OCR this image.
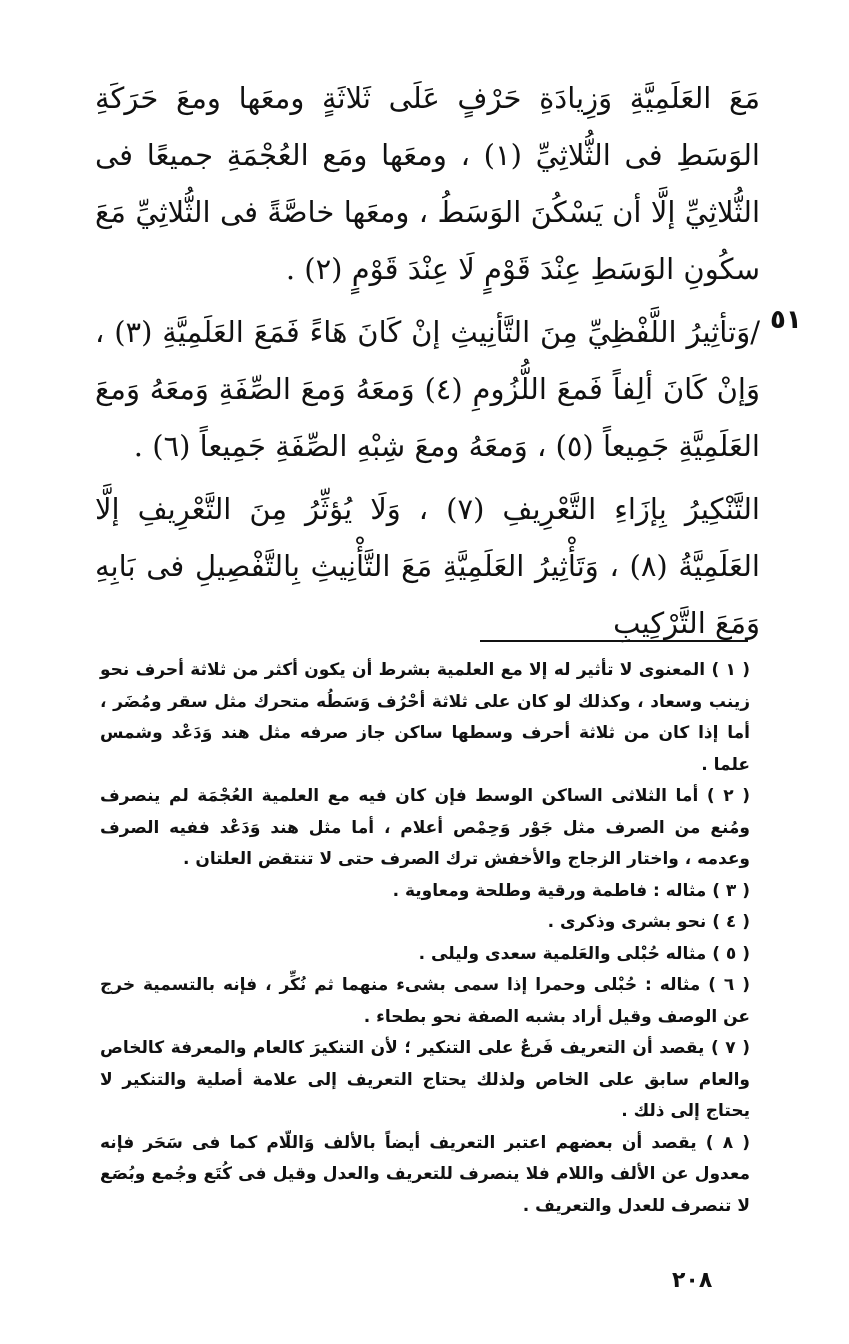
مَعَ العَلَمِيَّةِ وَزِيادَةِ حَرْفٍ عَلَى ثَلاثَةٍ ومعَها ومعَ حَرَكَةِ الوَسَطِ فى الثُّلاثِيِّ (١) ، ومعَها ومَع العُجْمَةِ جميعًا فى الثُّلاثِيِّ إلَّا أن يَسْكُنَ الوَسَطُ ، ومعَها خاصَّةً فى الثُّلاثِيِّ مَعَ سكُونِ الوَسَطِ عِنْدَ قَوْمٍ لَا عِنْدَ قَوْمٍ (٢) .

/وَتأثِيرُ اللَّفْظِيِّ مِنَ التَّأنِيثِ إنْ كَانَ هَاءً فَمَعَ العَلَمِيَّةِ (٣) ، وَإنْ كَانَ ألِفاً فَمعَ اللُّزُومِ (٤) وَمعَهُ وَمعَ الصِّفَةِ وَمعَهُ وَمعَ العَلَمِيَّةِ جَمِيعاً (٥) ، وَمعَهُ ومعَ شِبْهِ الصِّفَةِ جَمِيعاً (٦) .

التَّنْكِيرُ بِإزَاءِ التَّعْرِيفِ (٧) ، وَلَا يُؤثِّرُ مِنَ التَّعْرِيفِ إلَّا العَلَمِيَّةُ (٨) ، وَتَأْثِيرُ العَلَمِيَّةِ مَعَ التَّأْنِيثِ بِالتَّفْصِيلِ فى بَابِهِ وَمَعَ التَّرْكِيبِ

٥١

( ١ ) المعنوى لا تأثير له إلا مع العلمية بشرط أن يكون أكثر من ثلاثة أحرف نحو زينب وسعاد ، وكذلك لو كان على ثلاثة أحْرُف وَسَطُه متحرك مثل سقر ومُضَر ، أما إذا كان من ثلاثة أحرف وسطها ساكن جاز صرفه مثل هند وَدَعْد وشمس علما .

( ٢ ) أما الثلاثى الساكن الوسط فإن كان فيه مع العلمية العُجْمَة لم ينصرف ومُنع من الصرف مثل جَوْر وَحِمْص أعلام ، أما مثل هند وَدَعْد ففيه الصرف وعدمه ، واختار الزجاج والأخفش ترك الصرف حتى لا تنتقض العلتان .

( ٣ ) مثاله : فاطمة ورقية وطلحة ومعاوية .

( ٤ ) نحو بشرى وذكرى .

( ٥ ) مثاله حُبْلى والعَلمية سعدى وليلى .

( ٦ ) مثاله : حُبْلى وحمرا إذا سمى بشىء منهما ثم نُكِّر ، فإنه بالتسمية خرج عن الوصف وقيل أراد بشبه الصفة نحو بطحاء .

( ٧ ) يقصد أن التعريف فَرعٌ على التنكير ؛ لأن التنكيرَ كالعام والمعرفة كالخاص والعام سابق على الخاص ولذلك يحتاج التعريف إلى علامة أصلية والتنكير لا يحتاج إلى ذلك .

( ٨ ) يقصد أن بعضهم اعتبر التعريف أيضاً بالألف وَاللّام كما فى سَحَر فإنه معدول عن الألف واللام فلا ينصرف للتعريف والعدل وقيل فى كُتَع وجُمع وبُصَع لا تنصرف للعدل والتعريف .

٢٠٨
